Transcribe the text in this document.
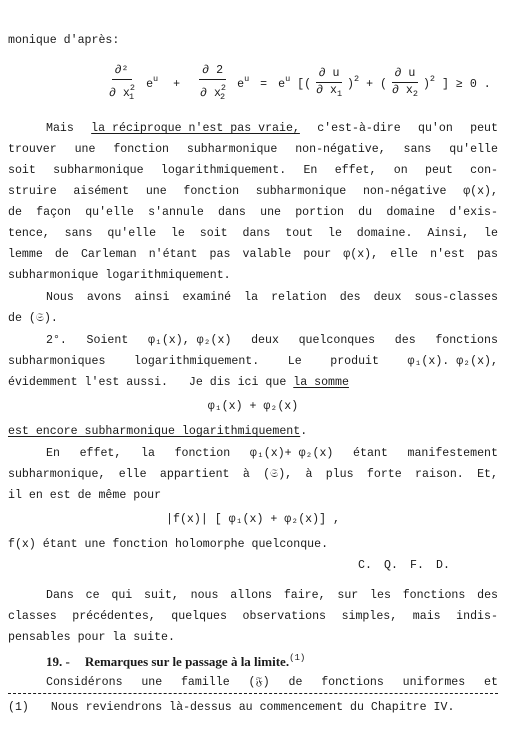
monique d'après:
$\frac{\text{∂²}}{\partial x^2_1} e^u + \frac{\partial 2}{\partial x^2_2} e^u = e^u$ [( $\frac{\partial u}{\partial x_1} )^2$ + ( $\frac{\partial u}{\partial x_2} )^2$ ] ≥ 0 .
Mais la réciproque n'est pas vraie, c'est-à-dire qu'on peut
trouver une fonction subharmonique non-négative, sans qu'elle
soit subharmonique logarithmiquement. En effet, on peut con-
struire aisément une fonction subharmonique non-négative φ(x),
de façon qu'elle s'annule dans une portion du domaine d'exis-
tence, sans qu'elle le soit dans tout le domaine. Ainsi, le
lemme de Carleman n'étant pas valable pour φ(x), elle n'est pas
subharmonique logarithmiquement.
Nous avons ainsi examiné la relation des deux sous-classes
de (𝔖).
2°. Soient φ₁(x), φ₂(x) deux quelconques des fonctions
subharmoniques logarithmiquement. Le produit φ₁(x). φ₂(x),
évidemment l'est aussi.   Je dis ici que la somme
φ₁(x) + φ₂(x)
est encore subharmonique logarithmiquement.
En effet, la fonction φ₁(x)+ φ₂(x) étant manifestement
subharmonique, elle appartient à (𝔖), à plus forte raison. Et,
il en est de même pour
|f(x)| [ φ₁(x) + φ₂(x)] ,
f(x) étant une fonction holomorphe quelconque.
C. Q. F. D.
Dans ce qui suit, nous allons faire, sur les fonctions des
classes précédentes, quelques observations simples, mais indis-
pensables pour la suite.
19. - Remarques sur le passage à la limite.$^{(1)}$
Considérons une famille (𝔉) de fonctions uniformes et
(1) Nous reviendrons là-dessus au commencement du Chapitre IV.
